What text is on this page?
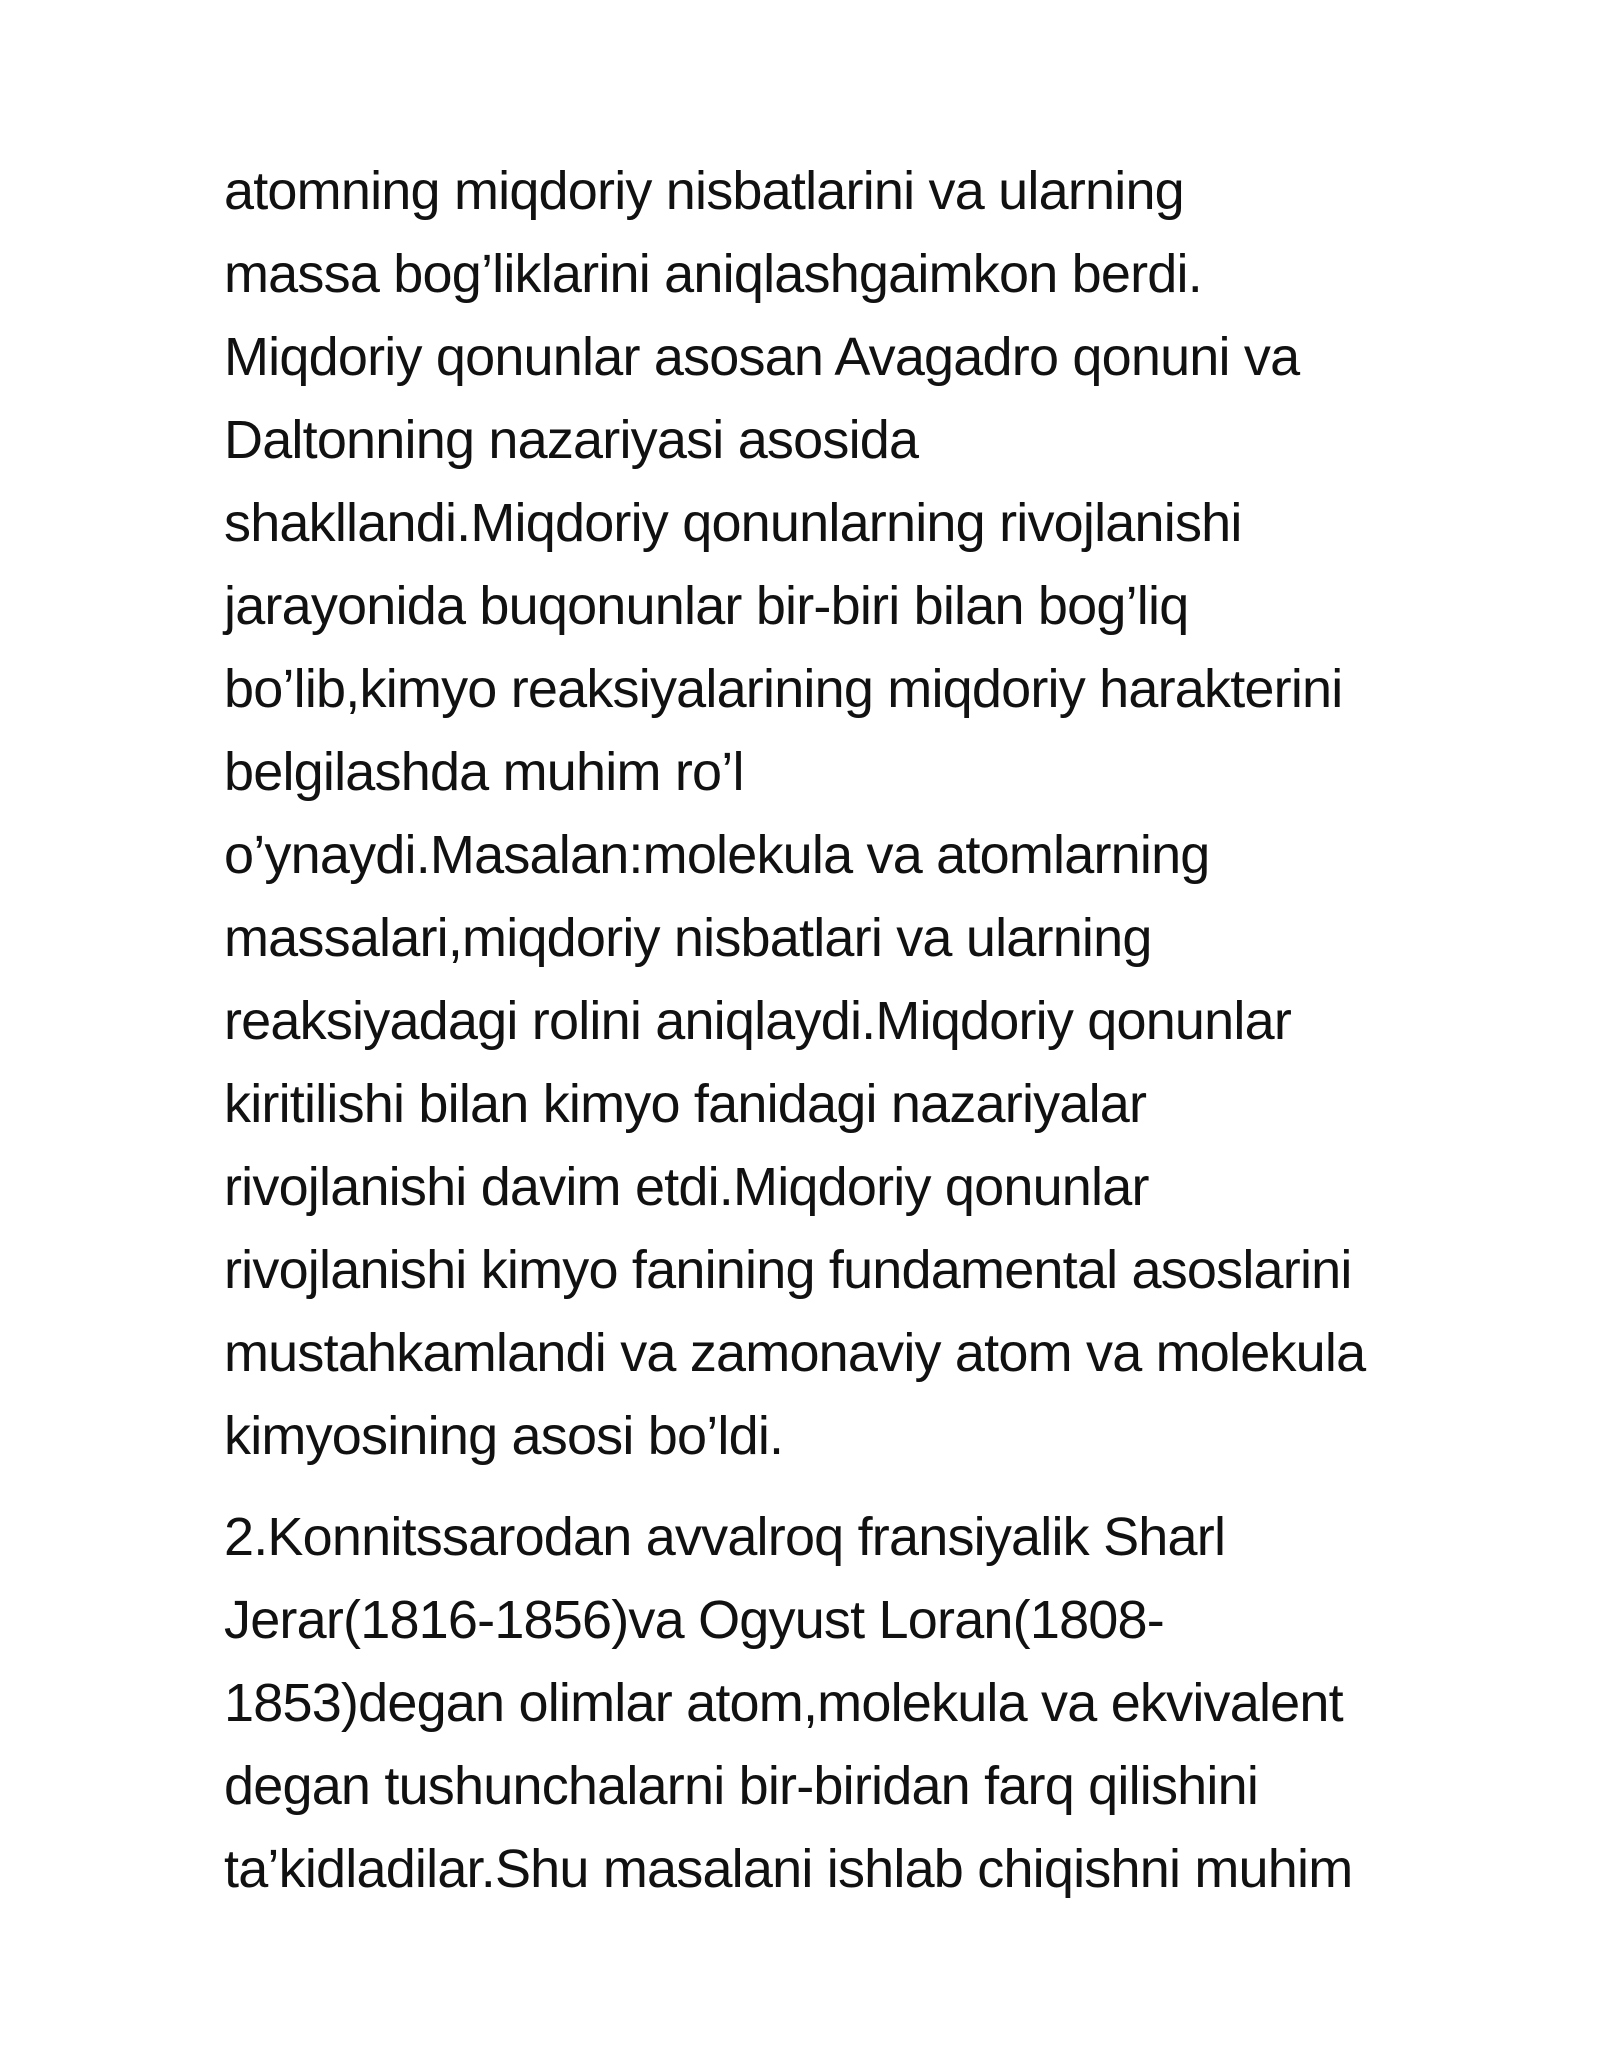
atomning miqdoriy nisbatlarini va ularning
massa bog’liklarini aniqlashgaimkon berdi.
Miqdoriy qonunlar asosan Avagadro qonuni va
Daltonning nazariyasi asosida
shakllandi.Miqdoriy qonunlarning rivojlanishi
jarayonida buqonunlar bir-biri bilan bog’liq
bo’lib,kimyo reaksiyalarining miqdoriy harakterini
belgilashda muhim ro’l
o’ynaydi.Masalan:molekula va atomlarning
massalari,miqdoriy nisbatlari va ularning
reaksiyadagi rolini aniqlaydi.Miqdoriy qonunlar
kiritilishi bilan kimyo fanidagi nazariyalar
rivojlanishi davim etdi.Miqdoriy qonunlar
rivojlanishi kimyo fanining fundamental asoslarini
mustahkamlandi va zamonaviy atom va molekula
kimyosining asosi bo’ldi.
2.Konnitssarodan avvalroq fransiyalik Sharl
Jerar(1816-1856)va Ogyust Loran(1808-
1853)degan olimlar atom,molekula va ekvivalent
degan tushunchalarni bir-biridan farq qilishini
ta’kidladilar.Shu masalani ishlab chiqishni muhim
